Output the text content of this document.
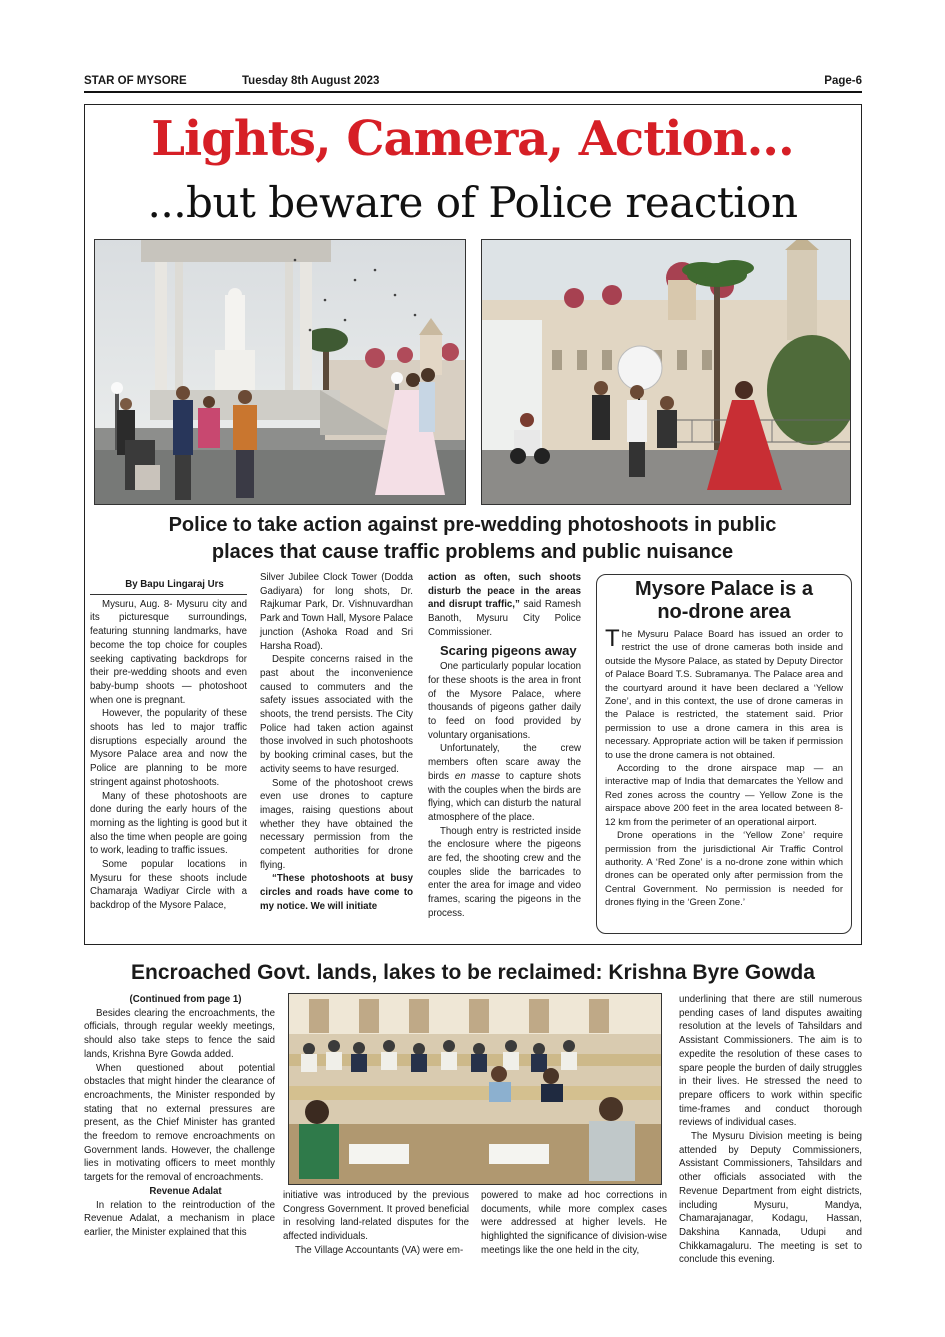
STAR OF MYSORE	Tuesday 8th August 2023	Page-6
Lights, Camera, Action...
...but beware of Police reaction
Police to take action against pre-wedding photoshoots in public
places that cause traffic problems and public nuisance

By Bapu Lingaraj Urs

Mysuru, Aug. 8- Mysuru city and its picturesque surroundings, featuring stunning landmarks, have become the top choice for couples seeking captivating backdrops for their pre-wedding shoots and even baby-bump shoots — photoshoot when one is pregnant.

However, the popularity of these shoots has led to major traffic disruptions especially around the Mysore Palace area and now the Police are planning to be more stringent against photoshoots.

Many of these photoshoots are done during the early hours of the morning as the lighting is good but it also the time when people are going to work, leading to traffic issues.

Some popular locations in Mysuru for these shoots include Chamaraja Wadiyar Circle with a backdrop of the Mysore Palace,

Silver Jubilee Clock Tower (Dodda Gadiyara) for long shots, Dr. Rajkumar Park, Dr. Vishnuvardhan Park and Town Hall, Mysore Palace junction (Ashoka Road and Sri Harsha Road).

Despite concerns raised in the past about the inconvenience caused to commuters and the safety issues associated with the shoots, the trend persists. The City Police had taken action against those involved in such photoshoots by booking criminal cases, but the activity seems to have resurged.

Some of the photoshoot crews even use drones to capture images, raising questions about whether they have obtained the necessary permission from the competent authorities for drone flying.

“These photoshoots at busy circles and roads have come to my notice. We will initiate

action as often, such shoots disturb the peace in the areas and disrupt traffic,” said Ramesh Banoth, Mysuru City Police Commissioner.

Scaring pigeons away

One particularly popular location for these shoots is the area in front of the Mysore Palace, where thousands of pigeons gather daily to feed on food provided by voluntary organisations.

Unfortunately, the crew members often scare away the birds en masse to capture shots with the couples when the birds are flying, which can disturb the natural atmosphere of the place.

Though entry is restricted inside the enclosure where the pigeons are fed, the shooting crew and the couples slide the barricades to enter the area for image and video frames, scaring the pigeons in the process.

Mysore Palace is a
no-drone area

The Mysuru Palace Board has issued an order to restrict the use of drone cameras both inside and outside the Mysore Palace, as stated by Deputy Director of Palace Board T.S. Subramanya. The Palace area and the courtyard around it have been declared a ‘Yellow Zone’, and in this context, the use of drone cameras in the Palace is restricted, the statement said. Prior permission to use a drone camera in this area is necessary. Appropriate action will be taken if permission to use the drone camera is not obtained.

According to the drone airspace map — an interactive map of India that demarcates the Yellow and Red zones across the country — Yellow Zone is the airspace above 200 feet in the area located between 8-12 km from the perimeter of an operational airport.

Drone operations in the ‘Yellow Zone’ require permission from the jurisdictional Air Traffic Control authority. A ‘Red Zone’ is a no-drone zone within which drones can be operated only after permission from the Central Government. No permission is needed for drones flying in the ‘Green Zone.’

Encroached Govt. lands, lakes to be reclaimed: Krishna Byre Gowda

(Continued from page 1)

Besides clearing the encroachments, the officials, through regular weekly meetings, should also take steps to fence the said lands, Krishna Byre Gowda added.

When questioned about potential obstacles that might hinder the clearance of encroachments, the Minister responded by stating that no external pressures are present, as the Chief Minister has granted the freedom to remove encroachments on Government lands. However, the challenge lies in motivating officers to meet monthly targets for the removal of encroachments.

Revenue Adalat

In relation to the reintroduction of the Revenue Adalat, a mechanism in place earlier, the Minister explained that this

initiative was introduced by the previous Congress Government. It proved beneficial in resolving land-related disputes for the affected individuals.

The Village Accountants (VA) were em-

powered to make ad hoc corrections in documents, while more complex cases were addressed at higher levels. He highlighted the significance of division-wise meetings like the one held in the city,

underlining that there are still numerous pending cases of land disputes awaiting resolution at the levels of Tahsildars and Assistant Commissioners. The aim is to expedite the resolution of these cases to spare people the burden of daily struggles in their lives. He stressed the need to prepare officers to work within specific time-frames and conduct thorough reviews of individual cases.

The Mysuru Division meeting is being attended by Deputy Commissioners, Assistant Commissioners, Tahsildars and other officials associated with the Revenue Department from eight districts, including Mysuru, Mandya, Chamarajanagar, Kodagu, Hassan, Dakshina Kannada, Udupi and Chikkamagaluru. The meeting is set to conclude this evening.
